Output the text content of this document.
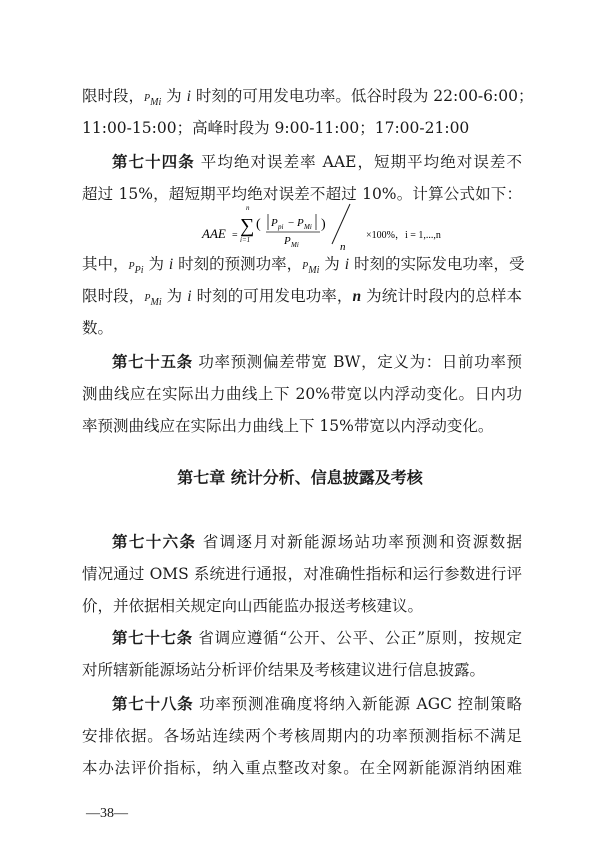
限时段，$P_{Mi}$ 为 i 时刻的可用发电功率。低谷时段为 22:00-6:00；
11:00-15:00；高峰时段为 9:00-11:00；17:00-21:00
第七十四条 平均绝对误差率 AAE，短期平均绝对误差不
超过 15%，超短期平均绝对误差不超过 10%。计算公式如下：
AAE =
n
∑
i=1
( P pi − P Mi
P Mi
)
n
×100%，i = 1,...,n
其中，$P_{Pi}$ 为 i 时刻的预测功率，$P_{Mi}$ 为 i 时刻的实际发电功率，受
限时段，$P_{Mi}$ 为 i 时刻的可用发电功率，n 为统计时段内的总样本
数。
第七十五条 功率预测偏差带宽 BW，定义为：日前功率预
测曲线应在实际出力曲线上下 20%带宽以内浮动变化。日内功
率预测曲线应在实际出力曲线上下 15%带宽以内浮动变化。
第七章 统计分析、信息披露及考核
第七十六条 省调逐月对新能源场站功率预测和资源数据
情况通过 OMS 系统进行通报，对准确性指标和运行参数进行评
价，并依据相关规定向山西能监办报送考核建议。
第七十七条 省调应遵循“公开、公平、公正”原则，按规定
对所辖新能源场站分析评价结果及考核建议进行信息披露。
第七十八条 功率预测准确度将纳入新能源 AGC 控制策略
安排依据。各场站连续两个考核周期内的功率预测指标不满足
本办法评价指标，纳入重点整改对象。在全网新能源消纳困难
—38—
